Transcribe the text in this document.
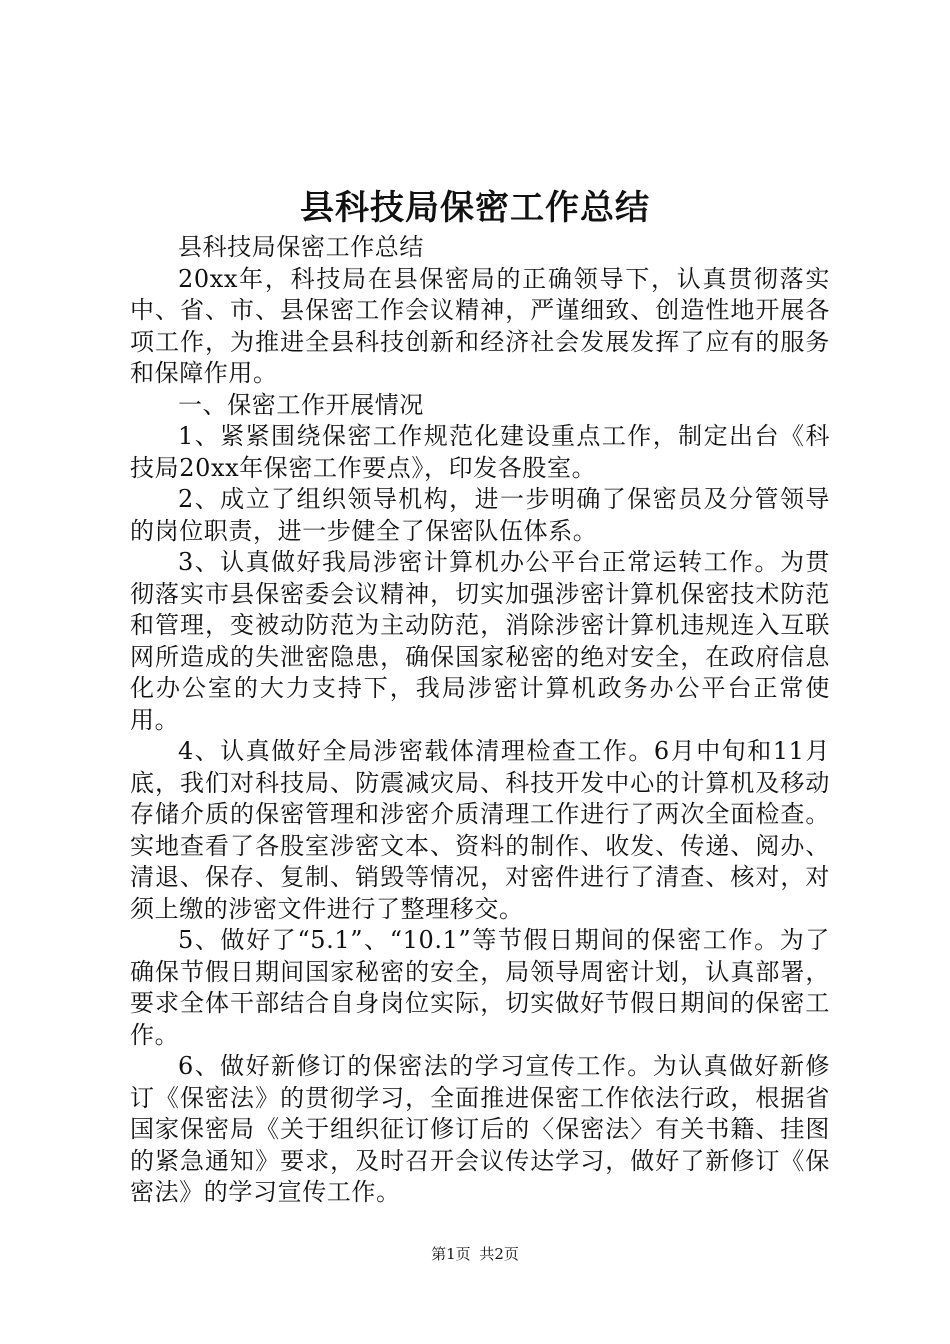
县科技局保密工作总结

县科技局保密工作总结

20xx年，科技局在县保密局的正确领导下，认真贯彻落实中、省、市、县保密工作会议精神，严谨细致、创造性地开展各项工作，为推进全县科技创新和经济社会发展发挥了应有的服务和保障作用。

一、保密工作开展情况

1、紧紧围绕保密工作规范化建设重点工作，制定出台《科技局20xx年保密工作要点》，印发各股室。

2、成立了组织领导机构，进一步明确了保密员及分管领导的岗位职责，进一步健全了保密队伍体系。

3、认真做好我局涉密计算机办公平台正常运转工作。为贯彻落实市县保密委会议精神，切实加强涉密计算机保密技术防范和管理，变被动防范为主动防范，消除涉密计算机违规连入互联网所造成的失泄密隐患，确保国家秘密的绝对安全，在政府信息化办公室的大力支持下，我局涉密计算机政务办公平台正常使用。

4、认真做好全局涉密载体清理检查工作。6月中旬和11月底，我们对科技局、防震减灾局、科技开发中心的计算机及移动存储介质的保密管理和涉密介质清理工作进行了两次全面检查。实地查看了各股室涉密文本、资料的制作、收发、传递、阅办、清退、保存、复制、销毁等情况，对密件进行了清查、核对，对须上缴的涉密文件进行了整理移交。

5、做好了“5.1”、“10.1”等节假日期间的保密工作。为了确保节假日期间国家秘密的安全，局领导周密计划，认真部署，要求全体干部结合自身岗位实际，切实做好节假日期间的保密工作。

6、做好新修订的保密法的学习宣传工作。为认真做好新修订《保密法》的贯彻学习，全面推进保密工作依法行政，根据省国家保密局《关于组织征订修订后的〈保密法〉有关书籍、挂图的紧急通知》要求，及时召开会议传达学习，做好了新修订《保密法》的学习宣传工作。

第1页 共2页
